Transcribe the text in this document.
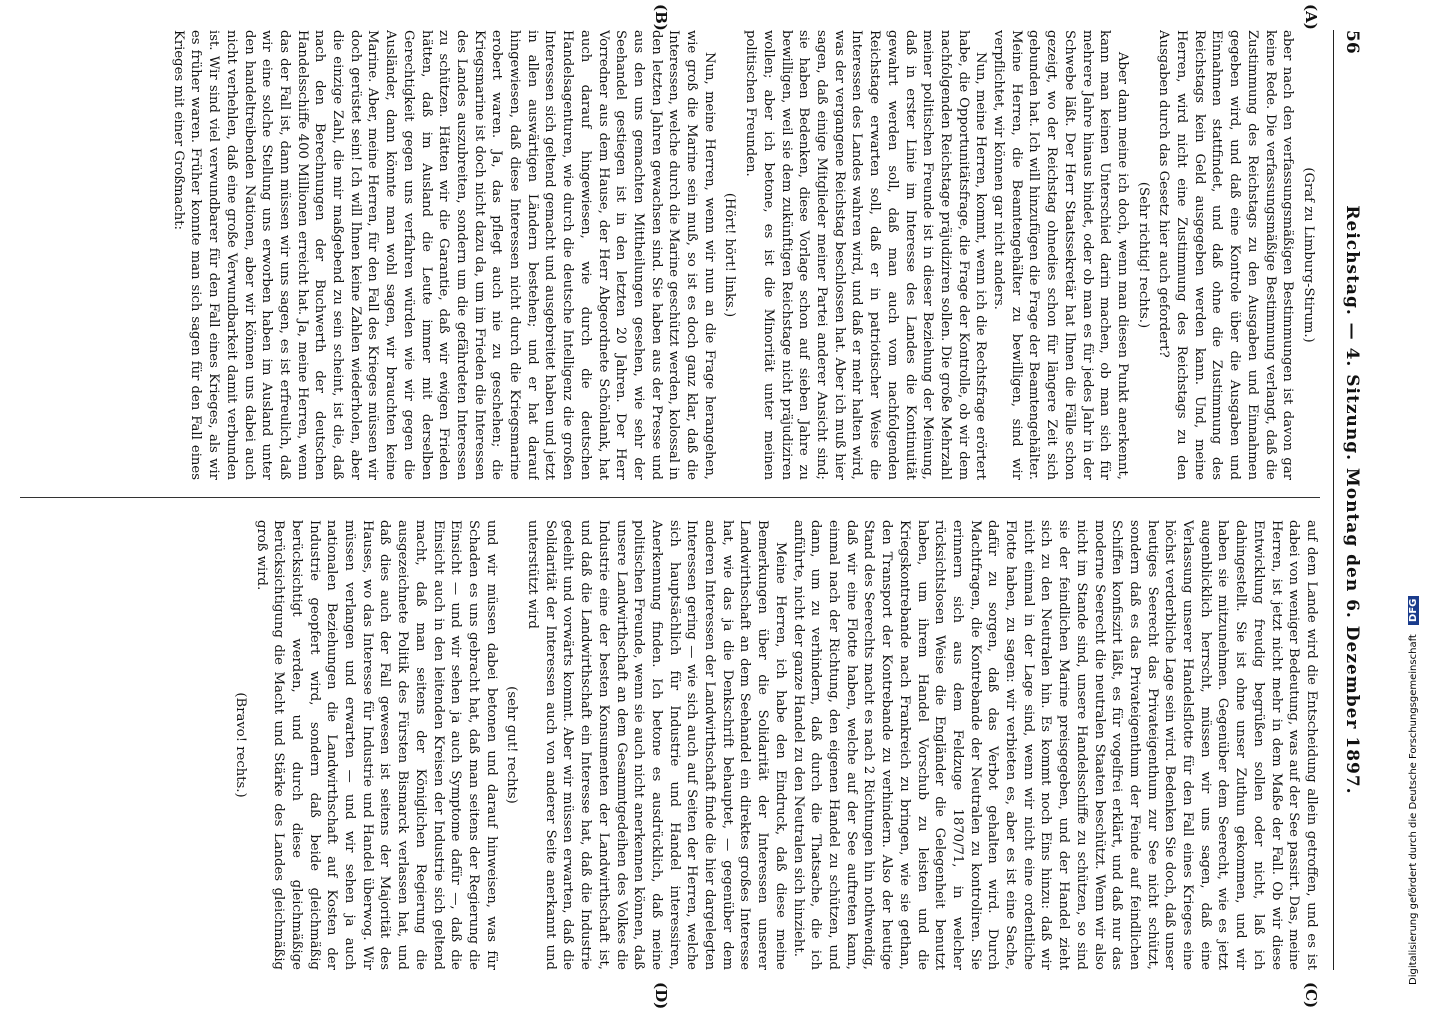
56
Reichstag. — 4. Sitzung. Montag den 6. Dezember 1897.
(A)
(B)
(C)
(D)

(Graf zu Limburg-Stirum.)

aber nach den verfassungsmäßigen Bestimmungen ist davon gar keine Rede. Die verfassungsmäßige Bestimmung verlangt, daß die Zustimmung des Reichstags zu den Ausgaben und Einnahmen gegeben wird, und daß eine Kontrole über die Ausgaben und Einnahmen stattfindet, und daß ohne die Zustimmung des Reichstags kein Geld ausgegeben werden kann. Und, meine Herren, wird nicht eine Zustimmung des Reichstags zu den Ausgaben durch das Gesetz hier auch gefordert?

(Sehr richtig! rechts.)

Aber dann meine ich doch, wenn man diesen Punkt anerkennt, kann man keinen Unterschied darin machen, ob man sich für mehrere Jahre hinaus bindet, oder ob man es für jedes Jahr in der Schwebe läßt. Der Herr Staatssekretär hat Ihnen die Fälle schon gezeigt, wo der Reichstag ohnedies schon für längere Zeit sich gebunden hat. Ich will hinzufügen die Frage der Beamtengehälter. Meine Herren, die Beamtengehälter zu bewilligen, sind wir verpflichtet, wir können gar nicht anders.

Nun, meine Herren, kommt, wenn ich die Rechtsfrage erörtert habe, die Opportunitätsfrage, die Frage der Kontrolle, ob wir dem nachfolgenden Reichstage präjudiziren sollen. Die große Mehrzahl meiner politischen Freunde ist in dieser Beziehung der Meinung, daß in erster Linie im Interesse des Landes die Kontinuität gewahrt werden soll, daß man auch vom nachfolgenden Reichstage erwarten soll, daß er in patriotischer Weise die Interessen des Landes wahren wird, und daß er mehr halten wird, was der vergangene Reichstag beschlossen hat. Aber ich muß hier sagen, daß einige Mitglieder meiner Partei anderer Ansicht sind; sie haben Bedenken, diese Vorlage schon auf sieben Jahre zu bewilligen, weil sie dem zukünftigen Reichstage nicht präjudiziren wollen; aber ich betone, es ist die Minorität unter meinen politischen Freunden.

(Hört! hört! links.)

Nun, meine Herren, wenn wir nun an die Frage herangehen, wie groß die Marine sein muß, so ist es doch ganz klar, daß die Interessen, welche durch die Marine geschützt werden, kolossal in den letzten Jahren gewachsen sind. Sie haben aus der Presse und aus den uns gemachten Mittheilungen gesehen, wie sehr der Seehandel gestiegen ist in den letzten 20 Jahren. Der Herr Vorredner aus dem Hause, der Herr Abgeordnete Schönlank, hat auch darauf hingewiesen, wie durch die deutschen Handelsagenturen, wie durch die deutsche Intelligenz die großen Interessen sich geltend gemacht und ausgebreitet haben und jetzt in allen auswärtigen Ländern bestehen; und er hat darauf hingewiesen, daß diese Interessen nicht durch die Kriegsmarine erobert waren. Ja, das pflegt auch nie zu geschehen; die Kriegsmarine ist doch nicht dazu da, um im Frieden die Interessen des Landes auszubreiten, sondern um die gefährdeten Interessen zu schützen. Hätten wir die Garantie, daß wir ewigen Frieden hätten, daß im Ausland die Leute immer mit derselben Gerechtigkeit gegen uns verfahren würden wie wir gegen die Ausländer, dann könnte man wohl sagen, wir brauchten keine Marine. Aber, meine Herren, für den Fall des Krieges müssen wir doch gerüstet sein! Ich will Ihnen keine Zahlen wiederholen, aber die einzige Zahl, die mir maßgebend zu sein scheint, ist die, daß nach den Berechnungen der Buchwerth der deutschen Handelsschiffe 400 Millionen erreicht hat. Ja, meine Herren, wenn das der Fall ist, dann müssen wir uns sagen, es ist erfreulich, daß wir eine solche Stellung uns erworben haben im Ausland unter den handeltreibenden Nationen, aber wir können uns dabei auch nicht verhehlen, daß eine große Verwundbarkeit damit verbunden ist. Wir sind viel verwundbarer für den Fall eines Krieges, als wir es früher waren. Früher konnte man sich sagen für den Fall eines Krieges mit einer Großmacht:

auf dem Lande wird die Entscheidung allein getroffen, und es ist dabei von weniger Bedeutung, was auf der See passirt. Das, meine Herren, ist jetzt nicht mehr in dem Maße der Fall. Ob wir diese Entwicklung freudig begrüßen sollen oder nicht, laß ich dahingestellt. Sie ist ohne unser Zuthun gekommen, und wir haben sie mitzunehmen. Gegenüber dem Seerecht, wie es jetzt augenblicklich herrscht, müssen wir uns sagen, daß eine Verlassung unserer Handelsflotte für den Fall eines Krieges eine höchst verderbliche Lage sein wird. Bedenken Sie doch, daß unser heutiges Seerecht das Privateigenthum zur See nicht schützt, sondern daß es das Privateigenthum der Feinde auf feindlichen Schiffen konfiszirt läßt, es für vogelfrei erklärt, und daß nur das moderne Seerecht die neutralen Staaten beschützt. Wenn wir also nicht im Stande sind, unsere Handelsschiffe zu schützen, so sind sie der feindlichen Marine preisgegeben, und der Handel zieht sich zu den Neutralen hin. Es kommt noch Eins hinzu: daß wir nicht einmal in der Lage sind, wenn wir nicht eine ordentliche Flotte haben, zu sagen: wir verbieten es, aber es ist eine Sache, dafür zu sorgen, daß das Verbot gehalten wird. Durch Machtfragen, die Kontrebande der Neutralen zu kontroliren. Sie erinnern sich aus dem Feldzuge 1870/71, in welcher rücksichtslosen Weise die Engländer die Gelegenheit benutzt haben, um ihrem Handel Vorschub zu leisten und die Kriegskontrebande nach Frankreich zu bringen, wie sie gethan, den Transport der Kontrebande zu verhindern. Also der heutige Stand des Seerechts macht es nach 2 Richtungen hin nothwendig, daß wir eine Flotte haben, welche auf der See auftreten kann, einmal nach der Richtung, den eigenen Handel zu schützen, und dann, um zu verhindern, daß durch die Thatsache, die ich anführte, nicht der ganze Handel zu den Neutralen sich hinzieht.

Meine Herren, ich habe den Eindruck, daß diese meine Bemerkungen über die Solidarität der Interessen unserer Landwirthschaft an dem Seehandel ein direktes großes Interesse hat, wie das ja die Denkschrift behauptet, — gegenüber dem anderen Interessen der Landwirthschaft finde die hier dargelegten Interessen gering — wie sich auch auf Seiten der Herren, welche sich hauptsächlich für Industrie und Handel interessiren, Anerkennung finden. Ich betone es ausdrücklich, daß meine politischen Freunde, wenn sie auch nicht anerkennen können, daß unsere Landwirthschaft an dem Gesammtgedeihen des Volkes die Industrie eine der besten Konsumenten der Landwirthschaft ist, und daß die Landwirthschaft ein Interesse hat, daß die Industrie gedeiht und vorwärts kommt. Aber wir müssen erwarten, daß die Solidarität der Interessen auch von anderer Seite anerkannt und unterstützt wird

(sehr gut! rechts)

und wir müssen dabei betonen und darauf hinweisen, was für Schaden es uns gebracht hat, daß man seitens der Regierung die Einsicht — und wir sehen ja auch Symptome dafür —, daß die Einsicht auch in den leitenden Kreisen der Industrie sich geltend macht, daß man seitens der Königlichen Regierung die ausgezeichnete Politik des Fürsten Bismarck verlassen hat, und daß dies auch der Fall gewesen ist seitens der Majorität des Hauses, wo das Interesse für Industrie und Handel überwog. Wir müssen verlangen und erwarten — und wir sehen ja auch nationalen Beziehungen die Landwirthschaft auf Kosten der Industrie geopfert wird, sondern daß beide gleichmäßig berücksichtigt werden, und durch diese gleichmäßige Berücksichtigung die Macht und Stärke des Landes gleichmäßig groß wird.

(Bravo! rechts.)	Digitalisierung gefördert durch die Deutsche Forschungsgemeinschaft DFG
